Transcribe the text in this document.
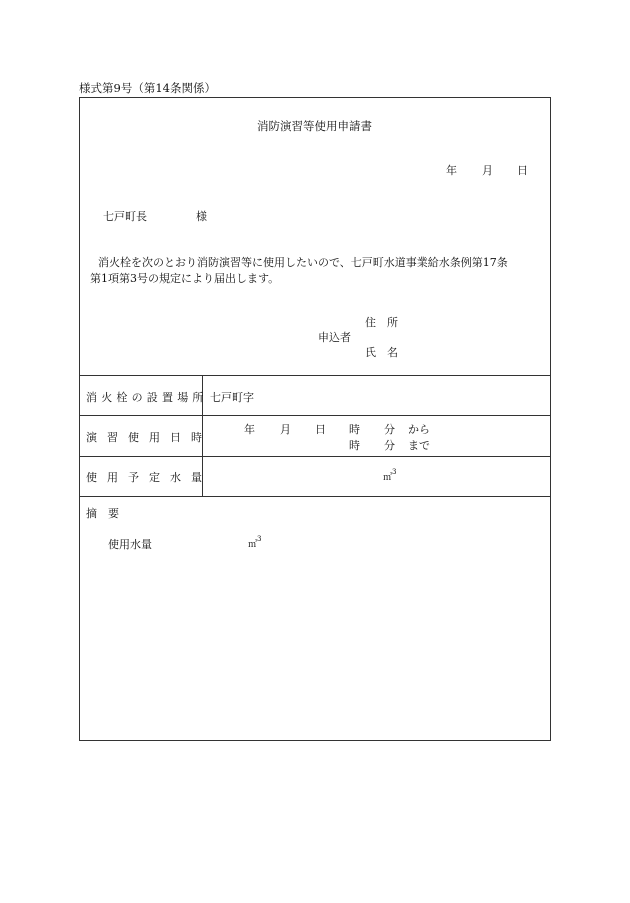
様式第9号（第14条関係）
消防演習等使用申請書
年 月 日
七戸町長	様
消火栓を次のとおり消防演習等に使用したいので、七戸町水道事業給水条例第17条
第1項第3号の規定により届出します。
住　所
申込者
氏　名
消火栓の設置場所 七戸町字
演習使用日時
年 月 日 時 分 から
時 分 まで
使用予定水量	㎥$^3$
摘　要
使用水量	㎥$^3$
